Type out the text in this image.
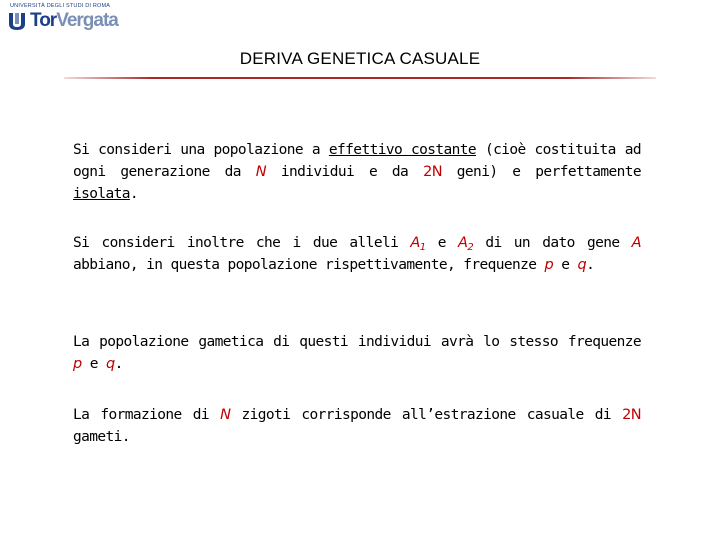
UNIVERSITÀ DEGLI STUDI DI ROMA
TorVergata
DERIVA GENETICA CASUALE
Si consideri una popolazione a effettivo costante (cioè costituita ad ogni generazione da N individui e da 2N geni) e perfettamente isolata.
Si consideri inoltre che i due alleli $A_1$ e $A_2$ di un dato gene A abbiano, in questa popolazione rispettivamente, frequenze p e q.
La popolazione gametica di questi individui avrà lo stesso frequenze p e q.
La formazione di N zigoti corrisponde all’estrazione casuale di 2N gameti.
